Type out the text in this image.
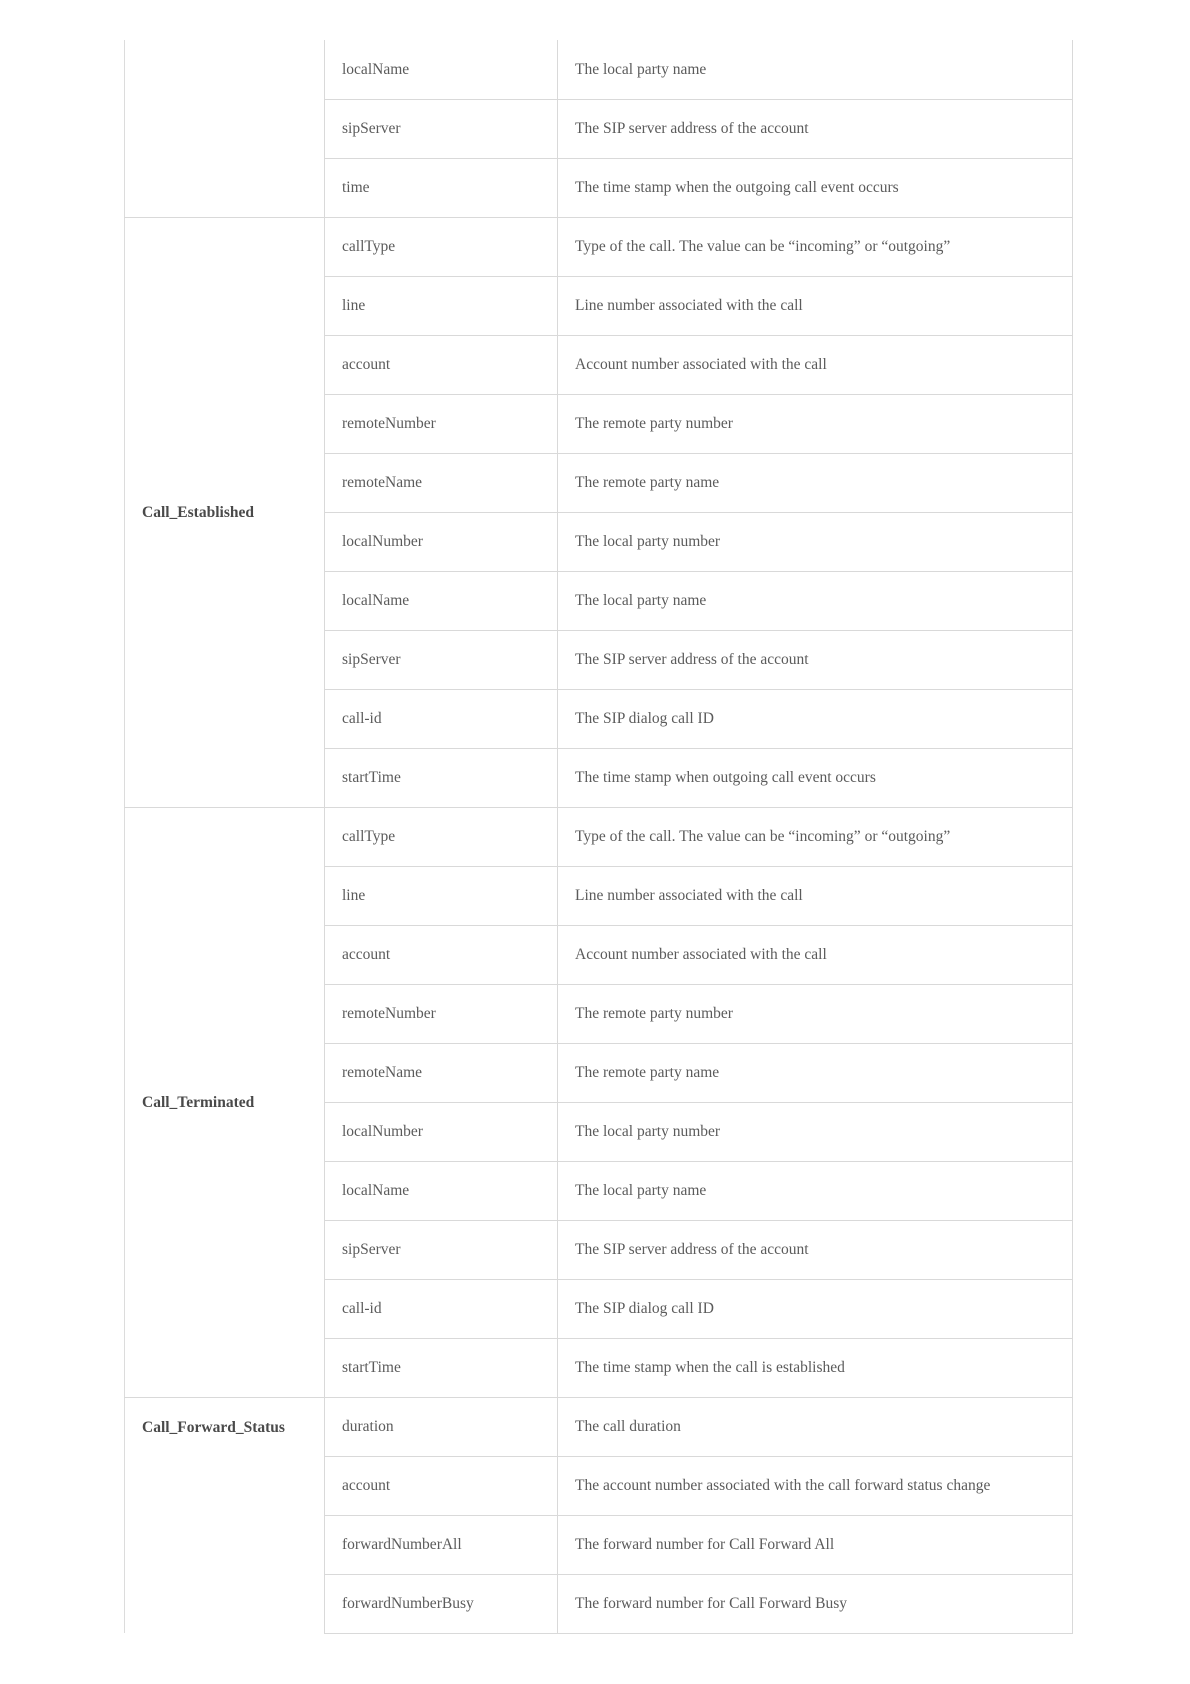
	localName	The local party name
	sipServer	The SIP server address of the account
	time	The time stamp when the outgoing call event occurs
Call_Established	callType	Type of the call. The value can be “incoming” or “outgoing”
	line	Line number associated with the call
	account	Account number associated with the call
	remoteNumber	The remote party number
	remoteName	The remote party name
	localNumber	The local party number
	localName	The local party name
	sipServer	The SIP server address of the account
	call-id	The SIP dialog call ID
	startTime	The time stamp when outgoing call event occurs
Call_Terminated	callType	Type of the call. The value can be “incoming” or “outgoing”
	line	Line number associated with the call
	account	Account number associated with the call
	remoteNumber	The remote party number
	remoteName	The remote party name
	localNumber	The local party number
	localName	The local party name
	sipServer	The SIP server address of the account
	call-id	The SIP dialog call ID
	startTime	The time stamp when the call is established
Call_Forward_Status	duration	The call duration
	account	The account number associated with the call forward status change
	forwardNumberAll	The forward number for Call Forward All
	forwardNumberBusy	The forward number for Call Forward Busy
